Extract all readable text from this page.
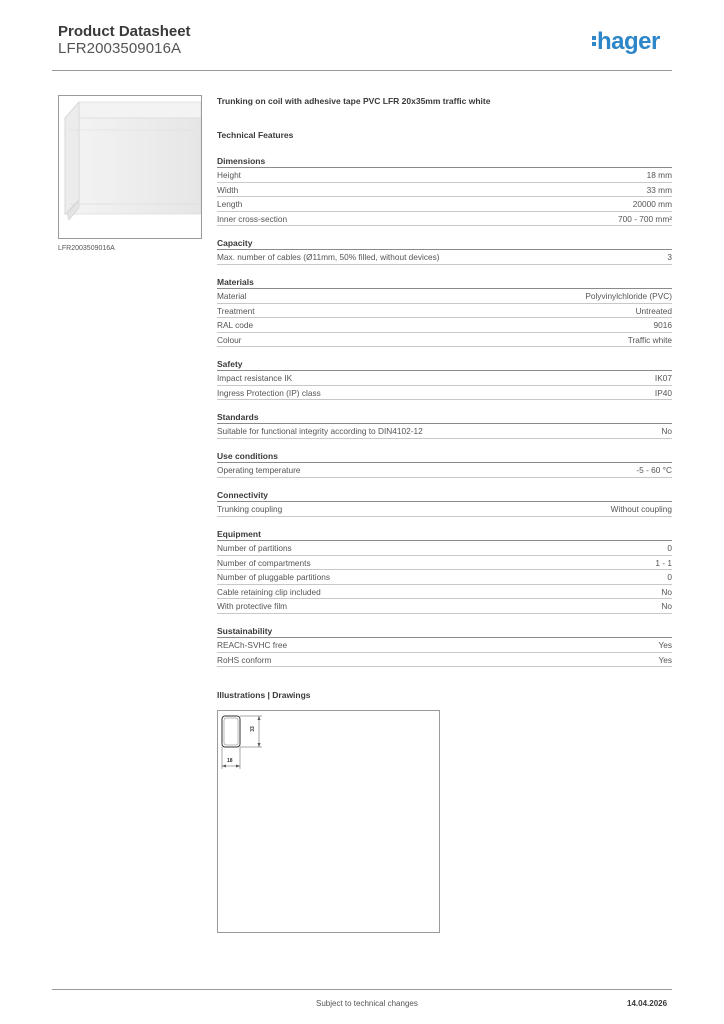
Product Datasheet
LFR2003509016A	hager
LFR2003509016A
Trunking on coil with adhesive tape PVC LFR 20x35mm traffic white
Technical Features
Dimensions
Height	18 mm
Width	33 mm
Length	20000 mm
Inner cross-section	700 - 700 mm²
Capacity
Max. number of cables (Ø11mm, 50% filled, without devices)	3
Materials
Material	Polyvinylchloride (PVC)
Treatment	Untreated
RAL code	9016
Colour	Traffic white
Safety
Impact resistance IK	IK07
Ingress Protection (IP) class	IP40
Standards
Suitable for functional integrity according to DIN4102-12	No
Use conditions
Operating temperature	-5 - 60 °C
Connectivity
Trunking coupling	Without coupling
Equipment
Number of partitions	0
Number of compartments	1 - 1
Number of pluggable partitions	0
Cable retaining clip included	No
With protective film	No
Sustainability
REACh-SVHC free	Yes
RoHS conform	Yes
Illustrations | Drawings
33
18
Subject to technical changes	14.04.2026
